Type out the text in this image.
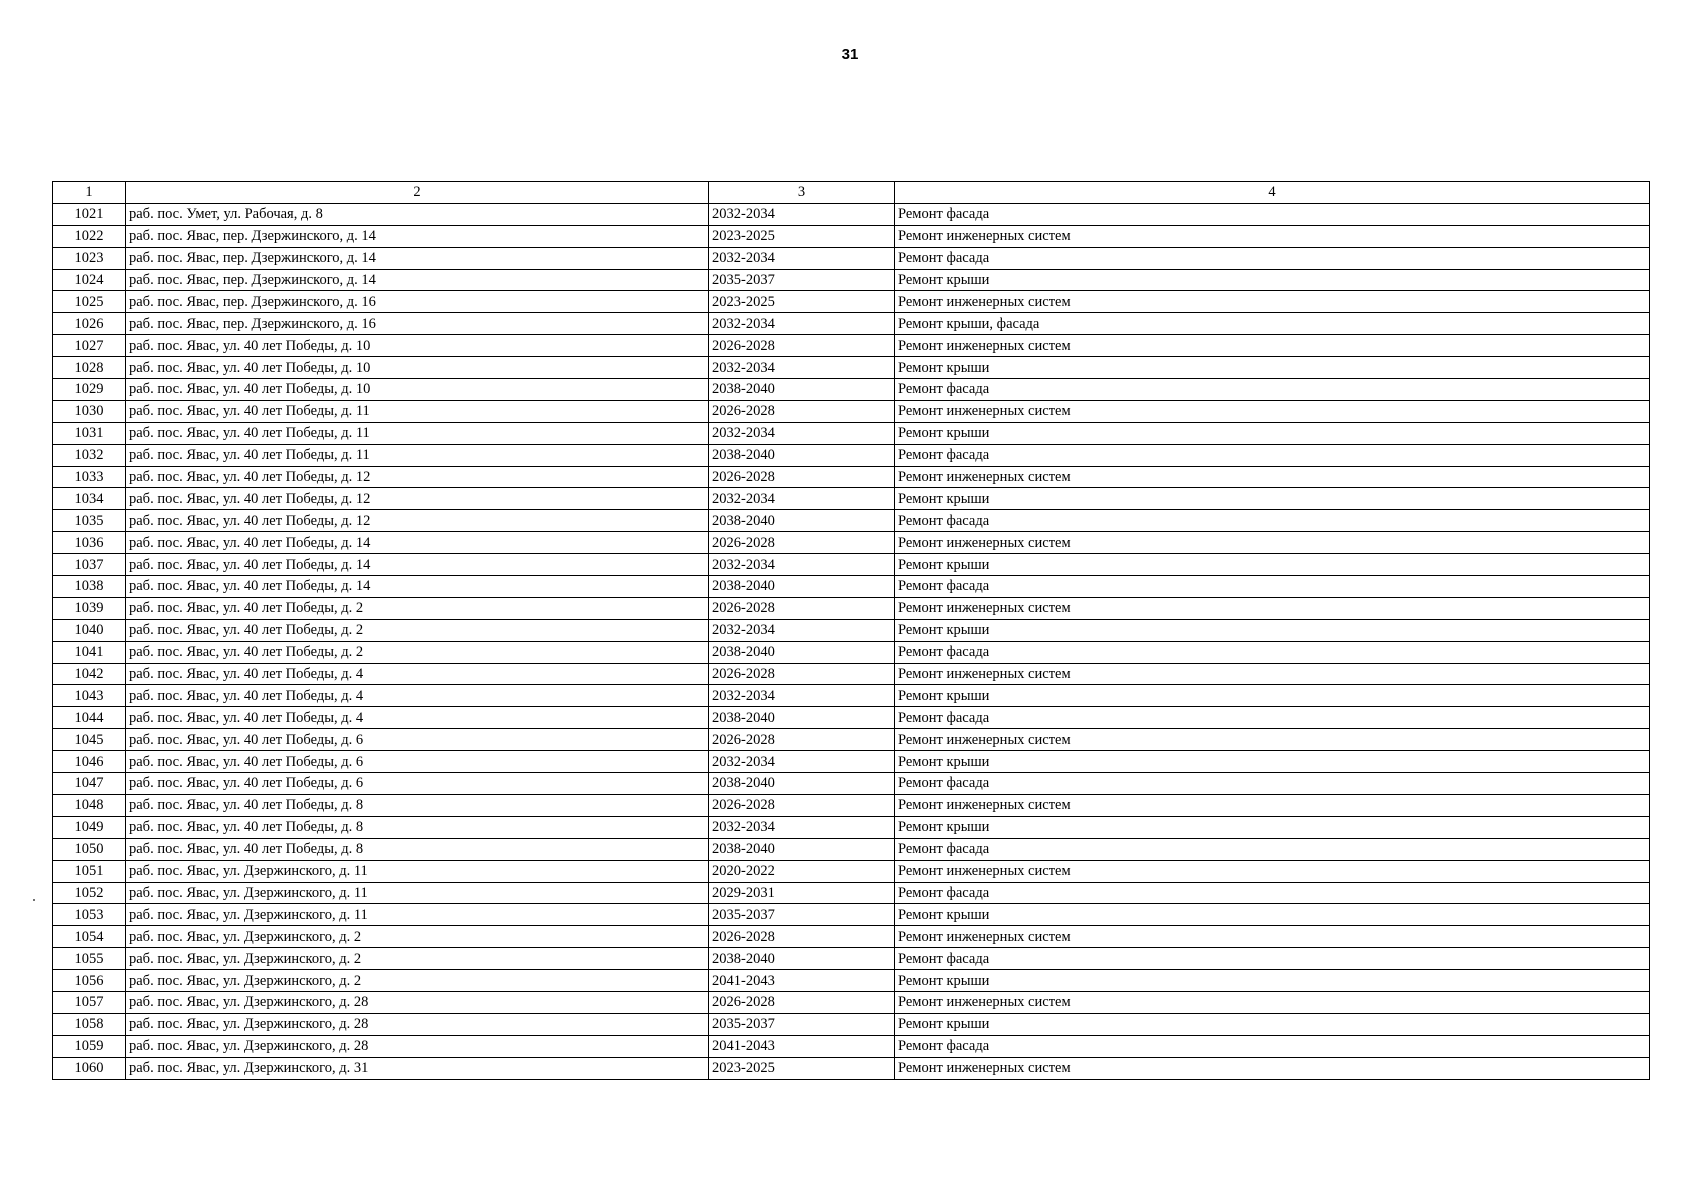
31
1	2	3	4
1021	раб. пос. Умет, ул. Рабочая, д. 8	2032-2034	Ремонт фасада
1022	раб. пос. Явас, пер. Дзержинского, д. 14	2023-2025	Ремонт инженерных систем
1023	раб. пос. Явас, пер. Дзержинского, д. 14	2032-2034	Ремонт фасада
1024	раб. пос. Явас, пер. Дзержинского, д. 14	2035-2037	Ремонт крыши
1025	раб. пос. Явас, пер. Дзержинского, д. 16	2023-2025	Ремонт инженерных систем
1026	раб. пос. Явас, пер. Дзержинского, д. 16	2032-2034	Ремонт крыши, фасада
1027	раб. пос. Явас, ул. 40 лет Победы, д. 10	2026-2028	Ремонт инженерных систем
1028	раб. пос. Явас, ул. 40 лет Победы, д. 10	2032-2034	Ремонт крыши
1029	раб. пос. Явас, ул. 40 лет Победы, д. 10	2038-2040	Ремонт фасада
1030	раб. пос. Явас, ул. 40 лет Победы, д. 11	2026-2028	Ремонт инженерных систем
1031	раб. пос. Явас, ул. 40 лет Победы, д. 11	2032-2034	Ремонт крыши
1032	раб. пос. Явас, ул. 40 лет Победы, д. 11	2038-2040	Ремонт фасада
1033	раб. пос. Явас, ул. 40 лет Победы, д. 12	2026-2028	Ремонт инженерных систем
1034	раб. пос. Явас, ул. 40 лет Победы, д. 12	2032-2034	Ремонт крыши
1035	раб. пос. Явас, ул. 40 лет Победы, д. 12	2038-2040	Ремонт фасада
1036	раб. пос. Явас, ул. 40 лет Победы, д. 14	2026-2028	Ремонт инженерных систем
1037	раб. пос. Явас, ул. 40 лет Победы, д. 14	2032-2034	Ремонт крыши
1038	раб. пос. Явас, ул. 40 лет Победы, д. 14	2038-2040	Ремонт фасада
1039	раб. пос. Явас, ул. 40 лет Победы, д. 2	2026-2028	Ремонт инженерных систем
1040	раб. пос. Явас, ул. 40 лет Победы, д. 2	2032-2034	Ремонт крыши
1041	раб. пос. Явас, ул. 40 лет Победы, д. 2	2038-2040	Ремонт фасада
1042	раб. пос. Явас, ул. 40 лет Победы, д. 4	2026-2028	Ремонт инженерных систем
1043	раб. пос. Явас, ул. 40 лет Победы, д. 4	2032-2034	Ремонт крыши
1044	раб. пос. Явас, ул. 40 лет Победы, д. 4	2038-2040	Ремонт фасада
1045	раб. пос. Явас, ул. 40 лет Победы, д. 6	2026-2028	Ремонт инженерных систем
1046	раб. пос. Явас, ул. 40 лет Победы, д. 6	2032-2034	Ремонт крыши
1047	раб. пос. Явас, ул. 40 лет Победы, д. 6	2038-2040	Ремонт фасада
1048	раб. пос. Явас, ул. 40 лет Победы, д. 8	2026-2028	Ремонт инженерных систем
1049	раб. пос. Явас, ул. 40 лет Победы, д. 8	2032-2034	Ремонт крыши
1050	раб. пос. Явас, ул. 40 лет Победы, д. 8	2038-2040	Ремонт фасада
1051	раб. пос. Явас, ул. Дзержинского, д. 11	2020-2022	Ремонт инженерных систем
1052	раб. пос. Явас, ул. Дзержинского, д. 11	2029-2031	Ремонт фасада
1053	раб. пос. Явас, ул. Дзержинского, д. 11	2035-2037	Ремонт крыши
1054	раб. пос. Явас, ул. Дзержинского, д. 2	2026-2028	Ремонт инженерных систем
1055	раб. пос. Явас, ул. Дзержинского, д. 2	2038-2040	Ремонт фасада
1056	раб. пос. Явас, ул. Дзержинского, д. 2	2041-2043	Ремонт крыши
1057	раб. пос. Явас, ул. Дзержинского, д. 28	2026-2028	Ремонт инженерных систем
1058	раб. пос. Явас, ул. Дзержинского, д. 28	2035-2037	Ремонт крыши
1059	раб. пос. Явас, ул. Дзержинского, д. 28	2041-2043	Ремонт фасада
1060	раб. пос. Явас, ул. Дзержинского, д. 31	2023-2025	Ремонт инженерных систем
